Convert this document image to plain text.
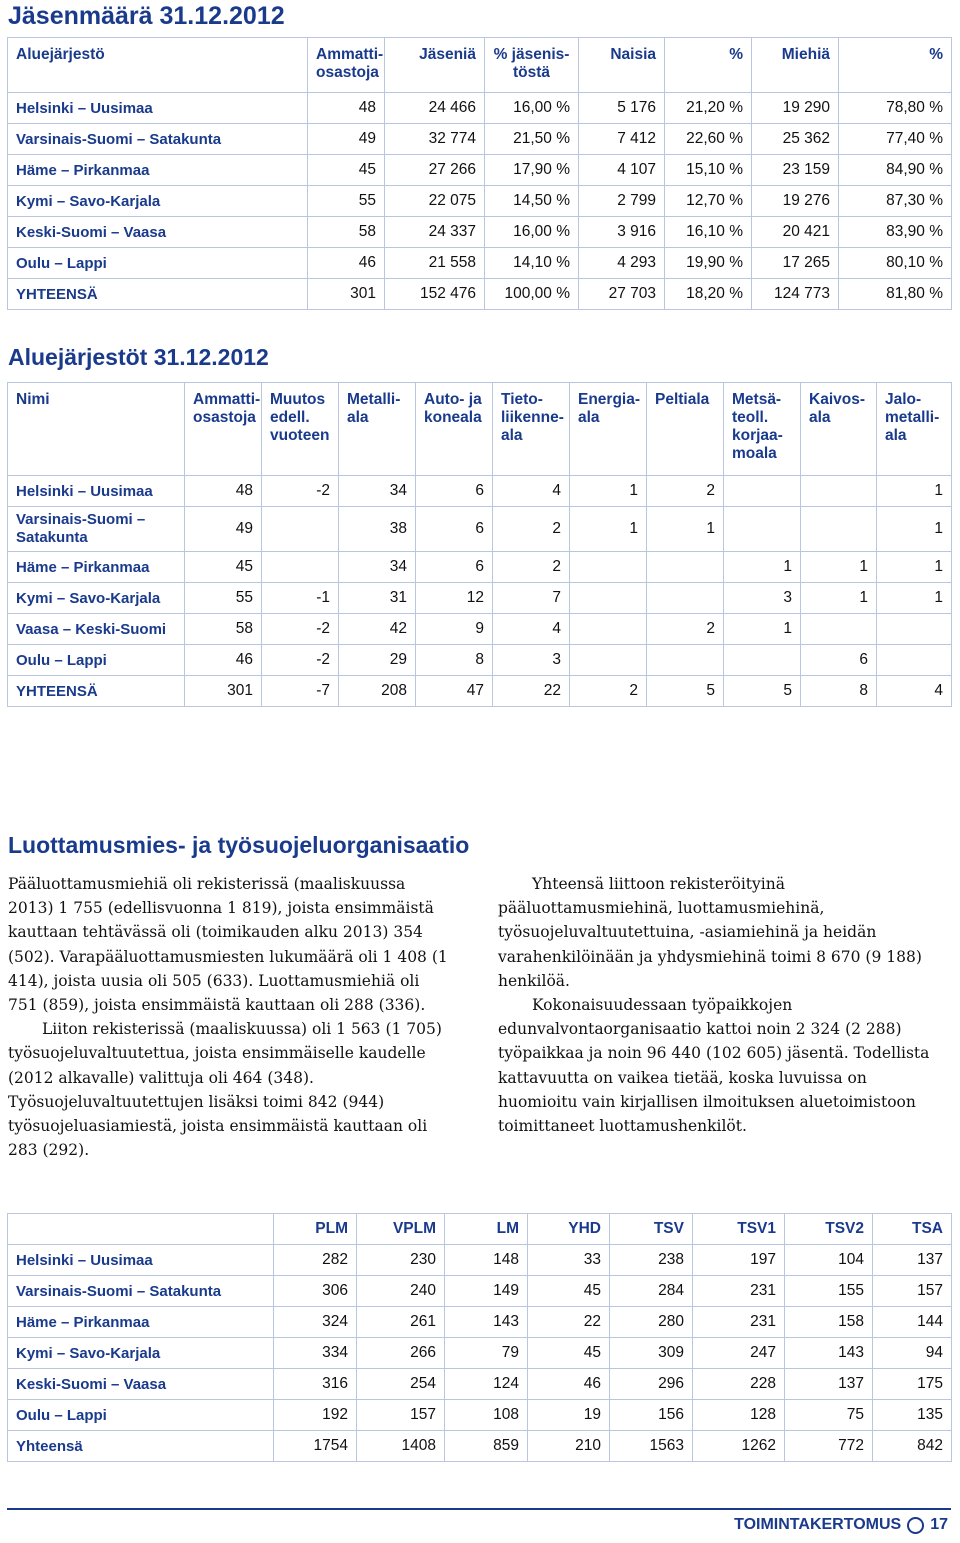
Jäsenmäärä 31.12.2012
Aluejärjestö	Ammatti-osastoja	Jäseniä	% jäsenis-töstä	Naisia	%	Miehiä	%
Helsinki – Uusimaa	48	24 466	16,00 %	5 176	21,20 %	19 290	78,80 %
Varsinais-Suomi – Satakunta	49	32 774	21,50 %	7 412	22,60 %	25 362	77,40 %
Häme – Pirkanmaa	45	27 266	17,90 %	4 107	15,10 %	23 159	84,90 %
Kymi – Savo-Karjala	55	22 075	14,50 %	2 799	12,70 %	19 276	87,30 %
Keski-Suomi – Vaasa	58	24 337	16,00 %	3 916	16,10 %	20 421	83,90 %
Oulu – Lappi	46	21 558	14,10 %	4 293	19,90 %	17 265	80,10 %
YHTEENSÄ	301	152 476	100,00 %	27 703	18,20 %	124 773	81,80 %
Aluejärjestöt 31.12.2012
Nimi	Ammatti-osastoja	Muutos edell. vuoteen	Metalli-ala	Auto- ja koneala	Tieto-liikenne-ala	Energia-ala	Peltiala	Metsä-teoll. korjaa-moala	Kaivos-ala	Jalo-metalli-ala
Helsinki – Uusimaa	48	-2	34	6	4	1	2			1
Varsinais-Suomi – Satakunta	49		38	6	2	1	1			1
Häme – Pirkanmaa	45		34	6	2			1	1	1
Kymi – Savo-Karjala	55	-1	31	12	7			3	1	1
Vaasa – Keski-Suomi	58	-2	42	9	4		2	1		
Oulu – Lappi	46	-2	29	8	3				6	
YHTEENSÄ	301	-7	208	47	22	2	5	5	8	4
Luottamusmies- ja työsuojeluorganisaatio

Pääluottamusmiehiä oli rekisterissä (maaliskuussa 2013) 1 755 (edellisvuonna 1 819), joista ensimmäistä kauttaan tehtävässä oli (toimikauden alku 2013) 354 (502). Varapääluottamusmiesten lukumäärä oli 1 408 (1 414), joista uusia oli 505 (633). Luottamusmiehiä oli 751 (859), joista ensimmäistä kauttaan oli 288 (336).

Liiton rekisterissä (maaliskuussa) oli 1 563 (1 705) työsuojeluvaltuutettua, joista ensimmäiselle kaudelle (2012 alkavalle) valittuja oli 464 (348). Työsuojeluvaltuutettujen lisäksi toimi 842 (944) työsuojeluasiamiestä, joista ensimmäistä kauttaan oli 283 (292).

Yhteensä liittoon rekisteröityinä pääluottamusmiehinä, luottamusmiehinä, työsuojeluvaltuutettuina, -asiamiehinä ja heidän varahenkilöinään ja yhdysmiehinä toimi 8 670 (9 188) henkilöä.

Kokonaisuudessaan työpaikkojen edunvalvontaorganisaatio kattoi noin 2 324 (2 288) työpaikkaa ja noin 96 440 (102 605) jäsentä. Todellista kattavuutta on vaikea tietää, koska luvuissa on huomioitu vain kirjallisen ilmoituksen aluetoimistoon toimittaneet luottamushenkilöt.

	PLM	VPLM	LM	YHD	TSV	TSV1	TSV2	TSA
Helsinki – Uusimaa	282	230	148	33	238	197	104	137
Varsinais-Suomi – Satakunta	306	240	149	45	284	231	155	157
Häme – Pirkanmaa	324	261	143	22	280	231	158	144
Kymi – Savo-Karjala	334	266	79	45	309	247	143	94
Keski-Suomi – Vaasa	316	254	124	46	296	228	137	175
Oulu – Lappi	192	157	108	19	156	128	75	135
Yhteensä	1754	1408	859	210	1563	1262	772	842
TOIMINTAKERTOMUS 17
